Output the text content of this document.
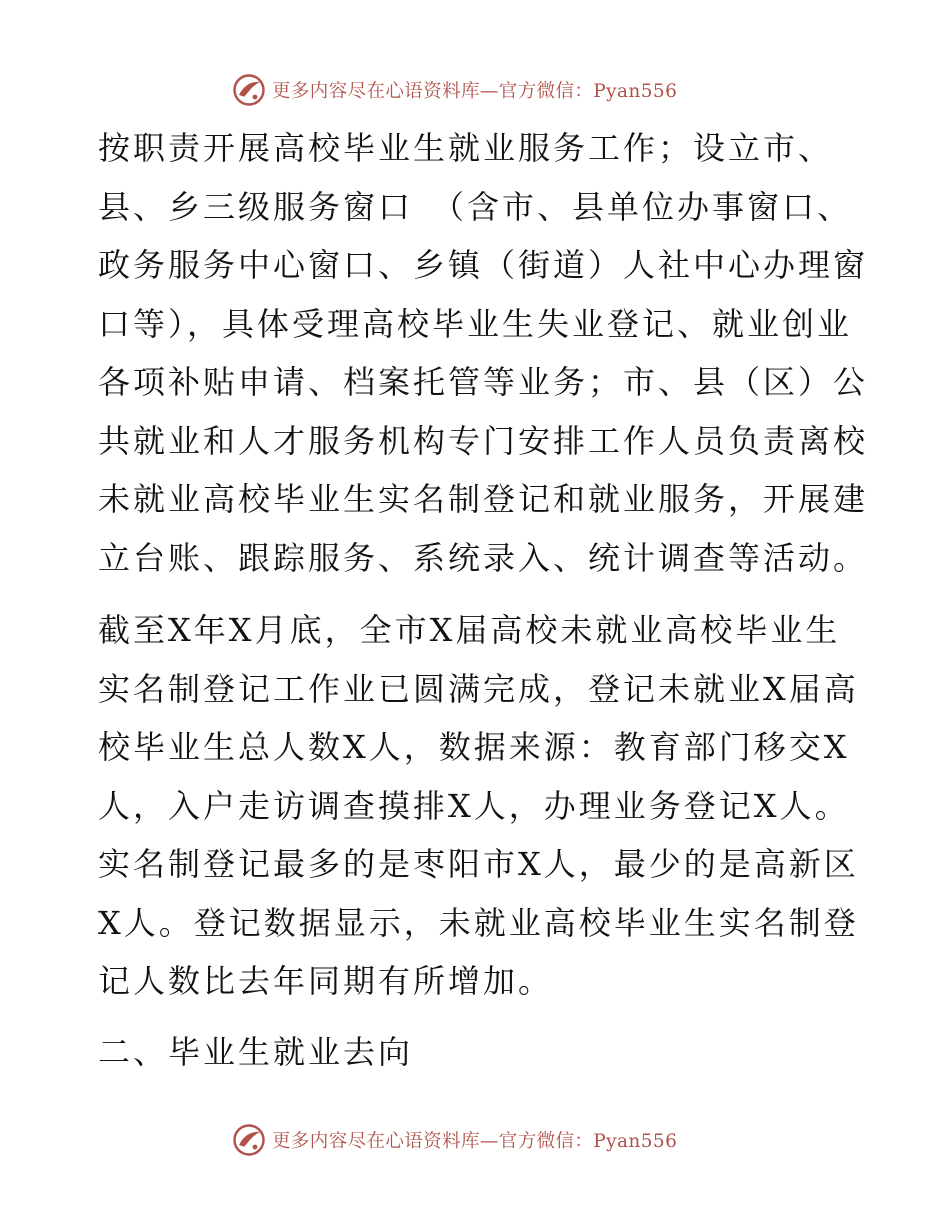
更多内容尽在心语资料库—官方微信：Pyan556
按职责开展高校毕业生就业服务工作；设立市、
县、乡三级服务窗口　（含市、县单位办事窗口、
政务服务中心窗口、乡镇（街道）人社中心办理窗
口等），具体受理高校毕业生失业登记、就业创业
各项补贴申请、档案托管等业务；市、县（区）公
共就业和人才服务机构专门安排工作人员负责离校
未就业高校毕业生实名制登记和就业服务，开展建
立台账、跟踪服务、系统录入、统计调查等活动。
截至X年X月底，全市X届高校未就业高校毕业生
实名制登记工作业已圆满完成，登记未就业X届高
校毕业生总人数X人，数据来源：教育部门移交X
人，入户走访调查摸排X人，办理业务登记X人。
实名制登记最多的是枣阳市X人，最少的是高新区
X人。登记数据显示，未就业高校毕业生实名制登
记人数比去年同期有所增加。
二、毕业生就业去向
更多内容尽在心语资料库—官方微信：Pyan556
